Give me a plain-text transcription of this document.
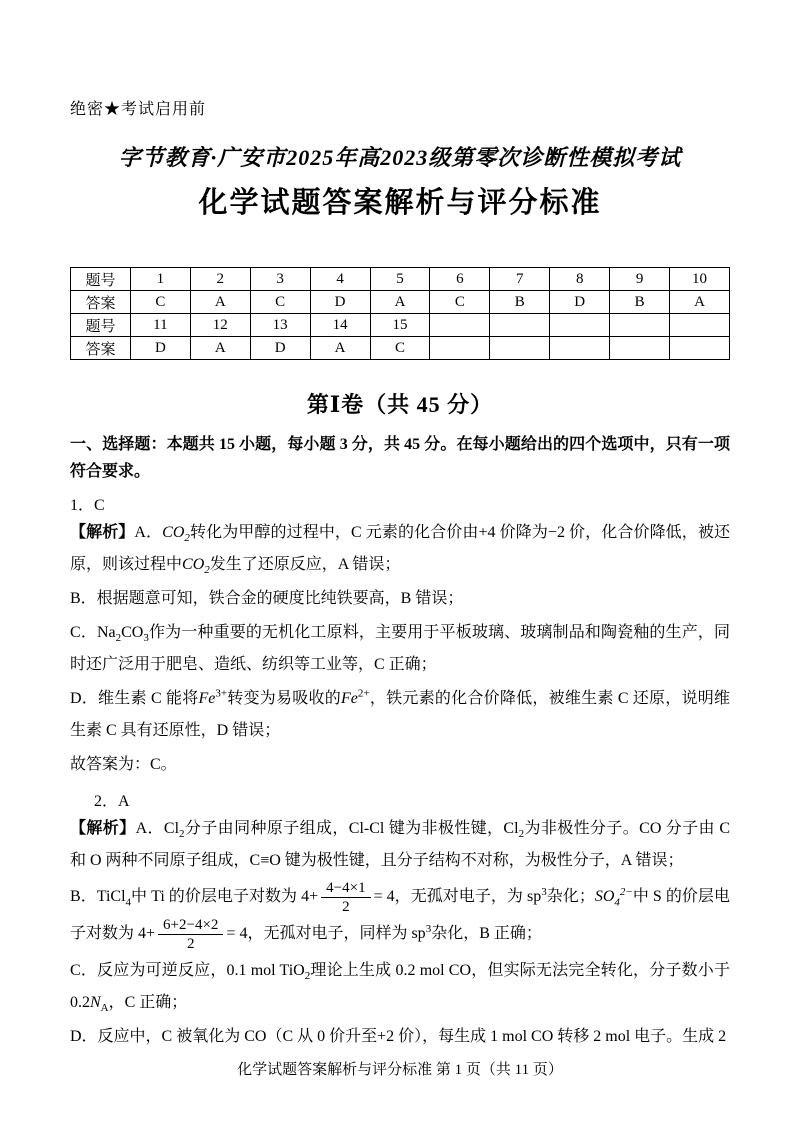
绝密★考试启用前
字节教育·广安市2025年高2023级第零次诊断性模拟考试
化学试题答案解析与评分标准
题号	1	2	3	4	5	6	7	8	9	10
答案	C	A	C	D	A	C	B	D	B	A
题号	11	12	13	14	15					
答案	D	A	D	A	C					
第Ⅰ卷（共 45 分）

一、选择题：本题共 15 小题，每小题 3 分，共 45 分。在每小题给出的四个选项中，只有一项符合要求。

1．C

【解析】A．$CO_2$转化为甲醇的过程中，C 元素的化合价由+4 价降为−2 价，化合价降低，被还原，则该过程中$CO_2$发生了还原反应，A 错误；

B．根据题意可知，铁合金的硬度比纯铁要高，B 错误；

C．$Na_2CO_3$作为一种重要的无机化工原料，主要用于平板玻璃、玻璃制品和陶瓷釉的生产，同时还广泛用于肥皂、造纸、纺织等工业等，C 正确；

D．维生素 C 能将$Fe^{3+}$转变为易吸收的$Fe^{2+}$，铁元素的化合价降低，被维生素 C 还原，说明维生素 C 具有还原性，D 错误；

故答案为：C。

2．A

【解析】A．$Cl_2$分子由同种原子组成，Cl-Cl 键为非极性键，$Cl_2$为非极性分子。CO 分子由 C 和 O 两种不同原子组成，C≡O 键为极性键，且分子结构不对称，为极性分子，A 错误；

B．TiCl$_4$中 Ti 的价层电子对数为 $4+ \frac{4-4\times 1}{2} = 4$，无孤对电子，为 $sp^3$杂化；$SO_4^{2-}$中 S 的价层电子对数为 $4+ \frac{6+2-4\times 2}{2} = 4$，无孤对电子，同样为 $sp^3$杂化，B 正确；

C．反应为可逆反应，0.1 mol TiO$_2$理论上生成 0.2 mol CO，但实际无法完全转化，分子数小于 $0.2N_A$，C 正确；

D．反应中，C 被氧化为 CO（C 从 0 价升至+2 价），每生成 1 mol CO 转移 2 mol 电子。生成 2

化学试题答案解析与评分标准 第 1 页（共 11 页）
